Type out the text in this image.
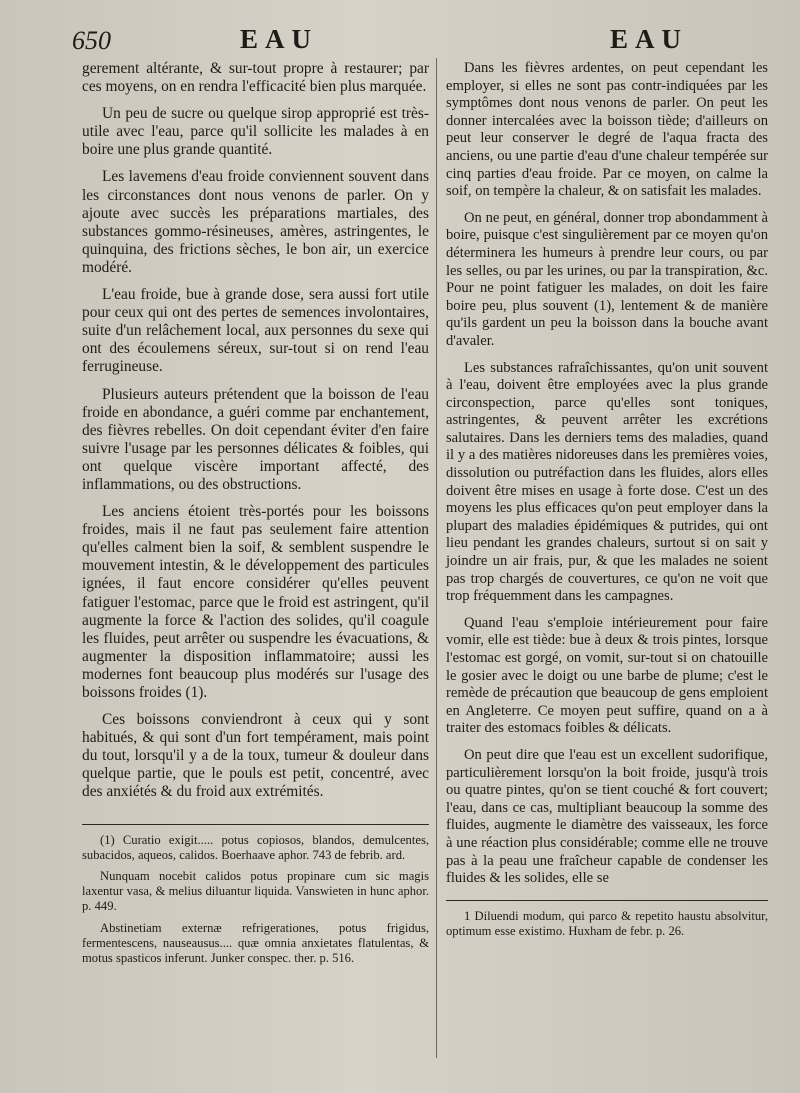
650	EAU	EAU

gerement altérante, & sur-tout propre à restaurer; par ces moyens, on en rendra l'efficacité bien plus marquée.

Un peu de sucre ou quelque sirop approprié est très-utile avec l'eau, parce qu'il sollicite les malades à en boire une plus grande quantité.

Les lavemens d'eau froide conviennent souvent dans les circonstances dont nous venons de parler. On y ajoute avec succès les préparations martiales, des substances gommo-résineuses, amères, astringentes, le quinquina, des frictions sèches, le bon air, un exercice modéré.

L'eau froide, bue à grande dose, sera aussi fort utile pour ceux qui ont des pertes de semences involontaires, suite d'un relâchement local, aux personnes du sexe qui ont des écoulemens séreux, sur-tout si on rend l'eau ferrugineuse.

Plusieurs auteurs prétendent que la boisson de l'eau froide en abondance, a guéri comme par enchantement, des fièvres rebelles. On doit cependant éviter d'en faire suivre l'usage par les personnes délicates & foibles, qui ont quelque viscère important affecté, des inflammations, ou des obstructions.

Les anciens étoient très-portés pour les boissons froides, mais il ne faut pas seulement faire attention qu'elles calment bien la soif, & semblent suspendre le mouvement intestin, & le développement des particules ignées, il faut encore considérer qu'elles peuvent fatiguer l'estomac, parce que le froid est astringent, qu'il augmente la force & l'action des solides, qu'il coagule les fluides, peut arrêter ou suspendre les évacuations, & augmenter la disposition inflammatoire; aussi les modernes font beaucoup plus modérés sur l'usage des boissons froides (1).

Ces boissons conviendront à ceux qui y sont habitués, & qui sont d'un fort tempérament, mais point du tout, lorsqu'il y a de la toux, tumeur & douleur dans quelque partie, que le pouls est petit, concentré, avec des anxiétés & du froid aux extrémités.

(1) Curatio exigit..... potus copiosos, blandos, demulcentes, subacidos, aqueos, calidos. Boerhaave aphor. 743 de febrib. ard.

Nunquam nocebit calidos potus propinare cum sic magis laxentur vasa, & melius diluantur liquida. Vanswieten in hunc aphor. p. 449.

Abstinetiam externæ refrigerationes, potus frigidus, fermentescens, nauseausus.... quæ omnia anxietates flatulentas, & motus spasticos inferunt. Junker conspec. ther. p. 516.

Dans les fièvres ardentes, on peut cependant les employer, si elles ne sont pas contr-indiquées par les symptômes dont nous venons de parler. On peut les donner intercalées avec la boisson tiède; d'ailleurs on peut leur conserver le degré de l'aqua fracta des anciens, ou une partie d'eau d'une chaleur tempérée sur cinq parties d'eau froide. Par ce moyen, on calme la soif, on tempère la chaleur, & on satisfait les malades.

On ne peut, en général, donner trop abondamment à boire, puisque c'est singulièrement par ce moyen qu'on déterminera les humeurs à prendre leur cours, ou par les selles, ou par les urines, ou par la transpiration, &c. Pour ne point fatiguer les malades, on doit les faire boire peu, plus souvent (1), lentement & de manière qu'ils gardent un peu la boisson dans la bouche avant d'avaler.

Les substances rafraîchissantes, qu'on unit souvent à l'eau, doivent être employées avec la plus grande circonspection, parce qu'elles sont toniques, astringentes, & peuvent arrêter les excrétions salutaires. Dans les derniers tems des maladies, quand il y a des matières nidoreuses dans les premières voies, dissolution ou putréfaction dans les fluides, alors elles doivent être mises en usage à forte dose. C'est un des moyens les plus efficaces qu'on peut employer dans la plupart des maladies épidémiques & putrides, qui ont lieu pendant les grandes chaleurs, surtout si on sait y joindre un air frais, pur, & que les malades ne soient pas trop chargés de couvertures, ce qu'on ne voit que trop fréquemment dans les campagnes.

Quand l'eau s'emploie intérieurement pour faire vomir, elle est tiède: bue à deux & trois pintes, lorsque l'estomac est gorgé, on vomit, sur-tout si on chatouille le gosier avec le doigt ou une barbe de plume; c'est le remède de précaution que beaucoup de gens emploient en Angleterre. Ce moyen peut suffire, quand on a à traiter des estomacs foibles & délicats.

On peut dire que l'eau est un excellent sudorifique, particulièrement lorsqu'on la boit froide, jusqu'à trois ou quatre pintes, qu'on se tient couché & fort couvert; l'eau, dans ce cas, multipliant beaucoup la somme des fluides, augmente le diamètre des vaisseaux, les force à une réaction plus considérable; comme elle ne trouve pas à la peau une fraîcheur capable de condenser les fluides & les solides, elle se

1 Diluendi modum, qui parco & repetito haustu absolvitur, optimum esse existimo. Huxham de febr. p. 26.
